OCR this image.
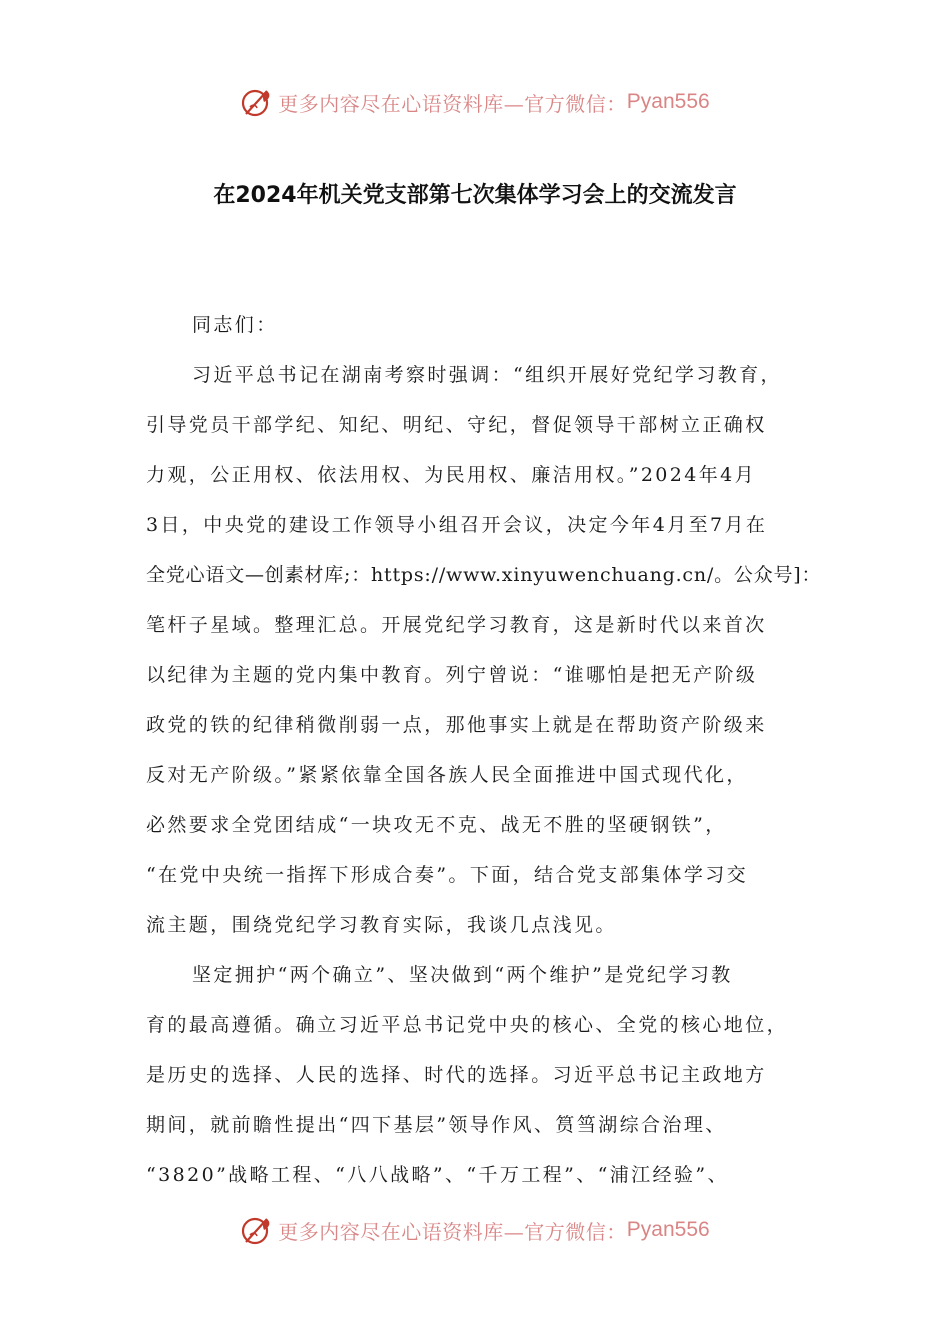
更多内容尽在心语资料库—官方微信： Pyan556
在2024年机关党支部第七次集体学习会上的交流发言

同志们：

习近平总书记在湖南考察时强调：“组织开展好党纪学习教育，
引导党员干部学纪、知纪、明纪、守纪，督促领导干部树立正确权
力观，公正用权、依法用权、为民用权、廉洁用权。”2024年4月
3日，中央党的建设工作领导小组召开会议，决定今年4月至7月在
全党心语文—创素材库;：https://www.xinyuwenchuang.cn/。公众号]：
笔杆子星域。整理汇总。开展党纪学习教育，这是新时代以来首次
以纪律为主题的党内集中教育。列宁曾说：“谁哪怕是把无产阶级
政党的铁的纪律稍微削弱一点，那他事实上就是在帮助资产阶级来
反对无产阶级。”紧紧依靠全国各族人民全面推进中国式现代化，
必然要求全党团结成“一块攻无不克、战无不胜的坚硬钢铁”，
“在党中央统一指挥下形成合奏”。下面，结合党支部集体学习交
流主题，围绕党纪学习教育实际，我谈几点浅见。

坚定拥护“两个确立”、坚决做到“两个维护”是党纪学习教
育的最高遵循。确立习近平总书记党中央的核心、全党的核心地位，
是历史的选择、人民的选择、时代的选择。习近平总书记主政地方
期间，就前瞻性提出“四下基层”领导作风、筼筜湖综合治理、
“3820”战略工程、“八八战略”、“千万工程”、“浦江经验”、

更多内容尽在心语资料库—官方微信： Pyan556
